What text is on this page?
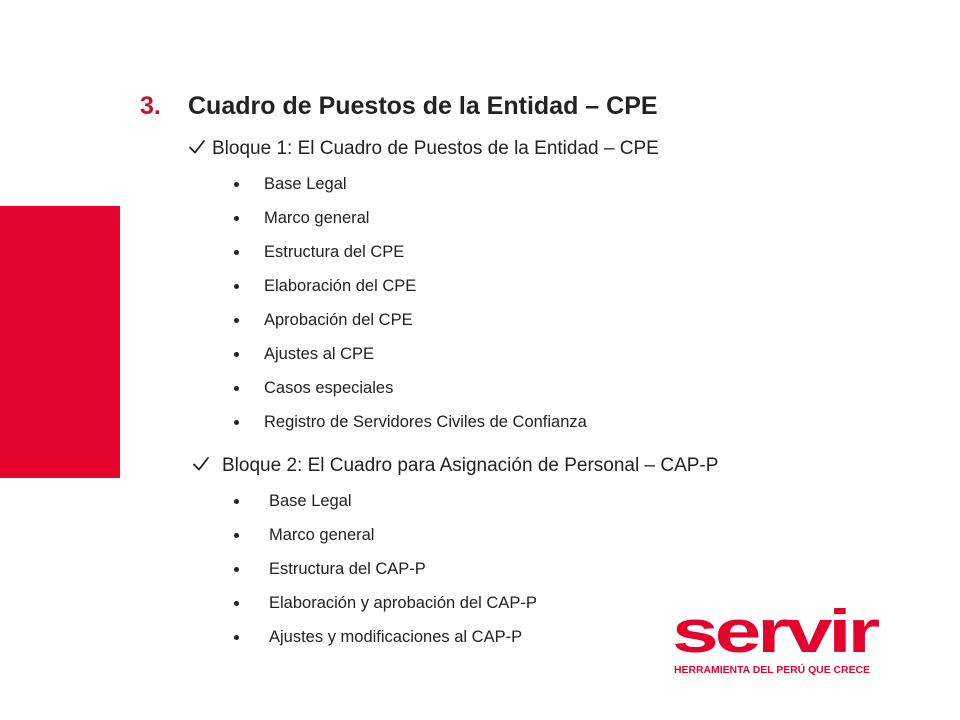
3. Cuadro de Puestos de la Entidad – CPE
Bloque 1: El Cuadro de Puestos de la Entidad – CPE
Base Legal
Marco general
Estructura del CPE
Elaboración del CPE
Aprobación del CPE
Ajustes al CPE
Casos especiales
Registro de Servidores Civiles de Confianza
Bloque 2: El Cuadro para Asignación de Personal – CAP-P
Base Legal
Marco general
Estructura del CAP-P
Elaboración y aprobación del CAP-P
Ajustes y modificaciones al CAP-P servir
HERRAMIENTA DEL PERÚ QUE CRECE
